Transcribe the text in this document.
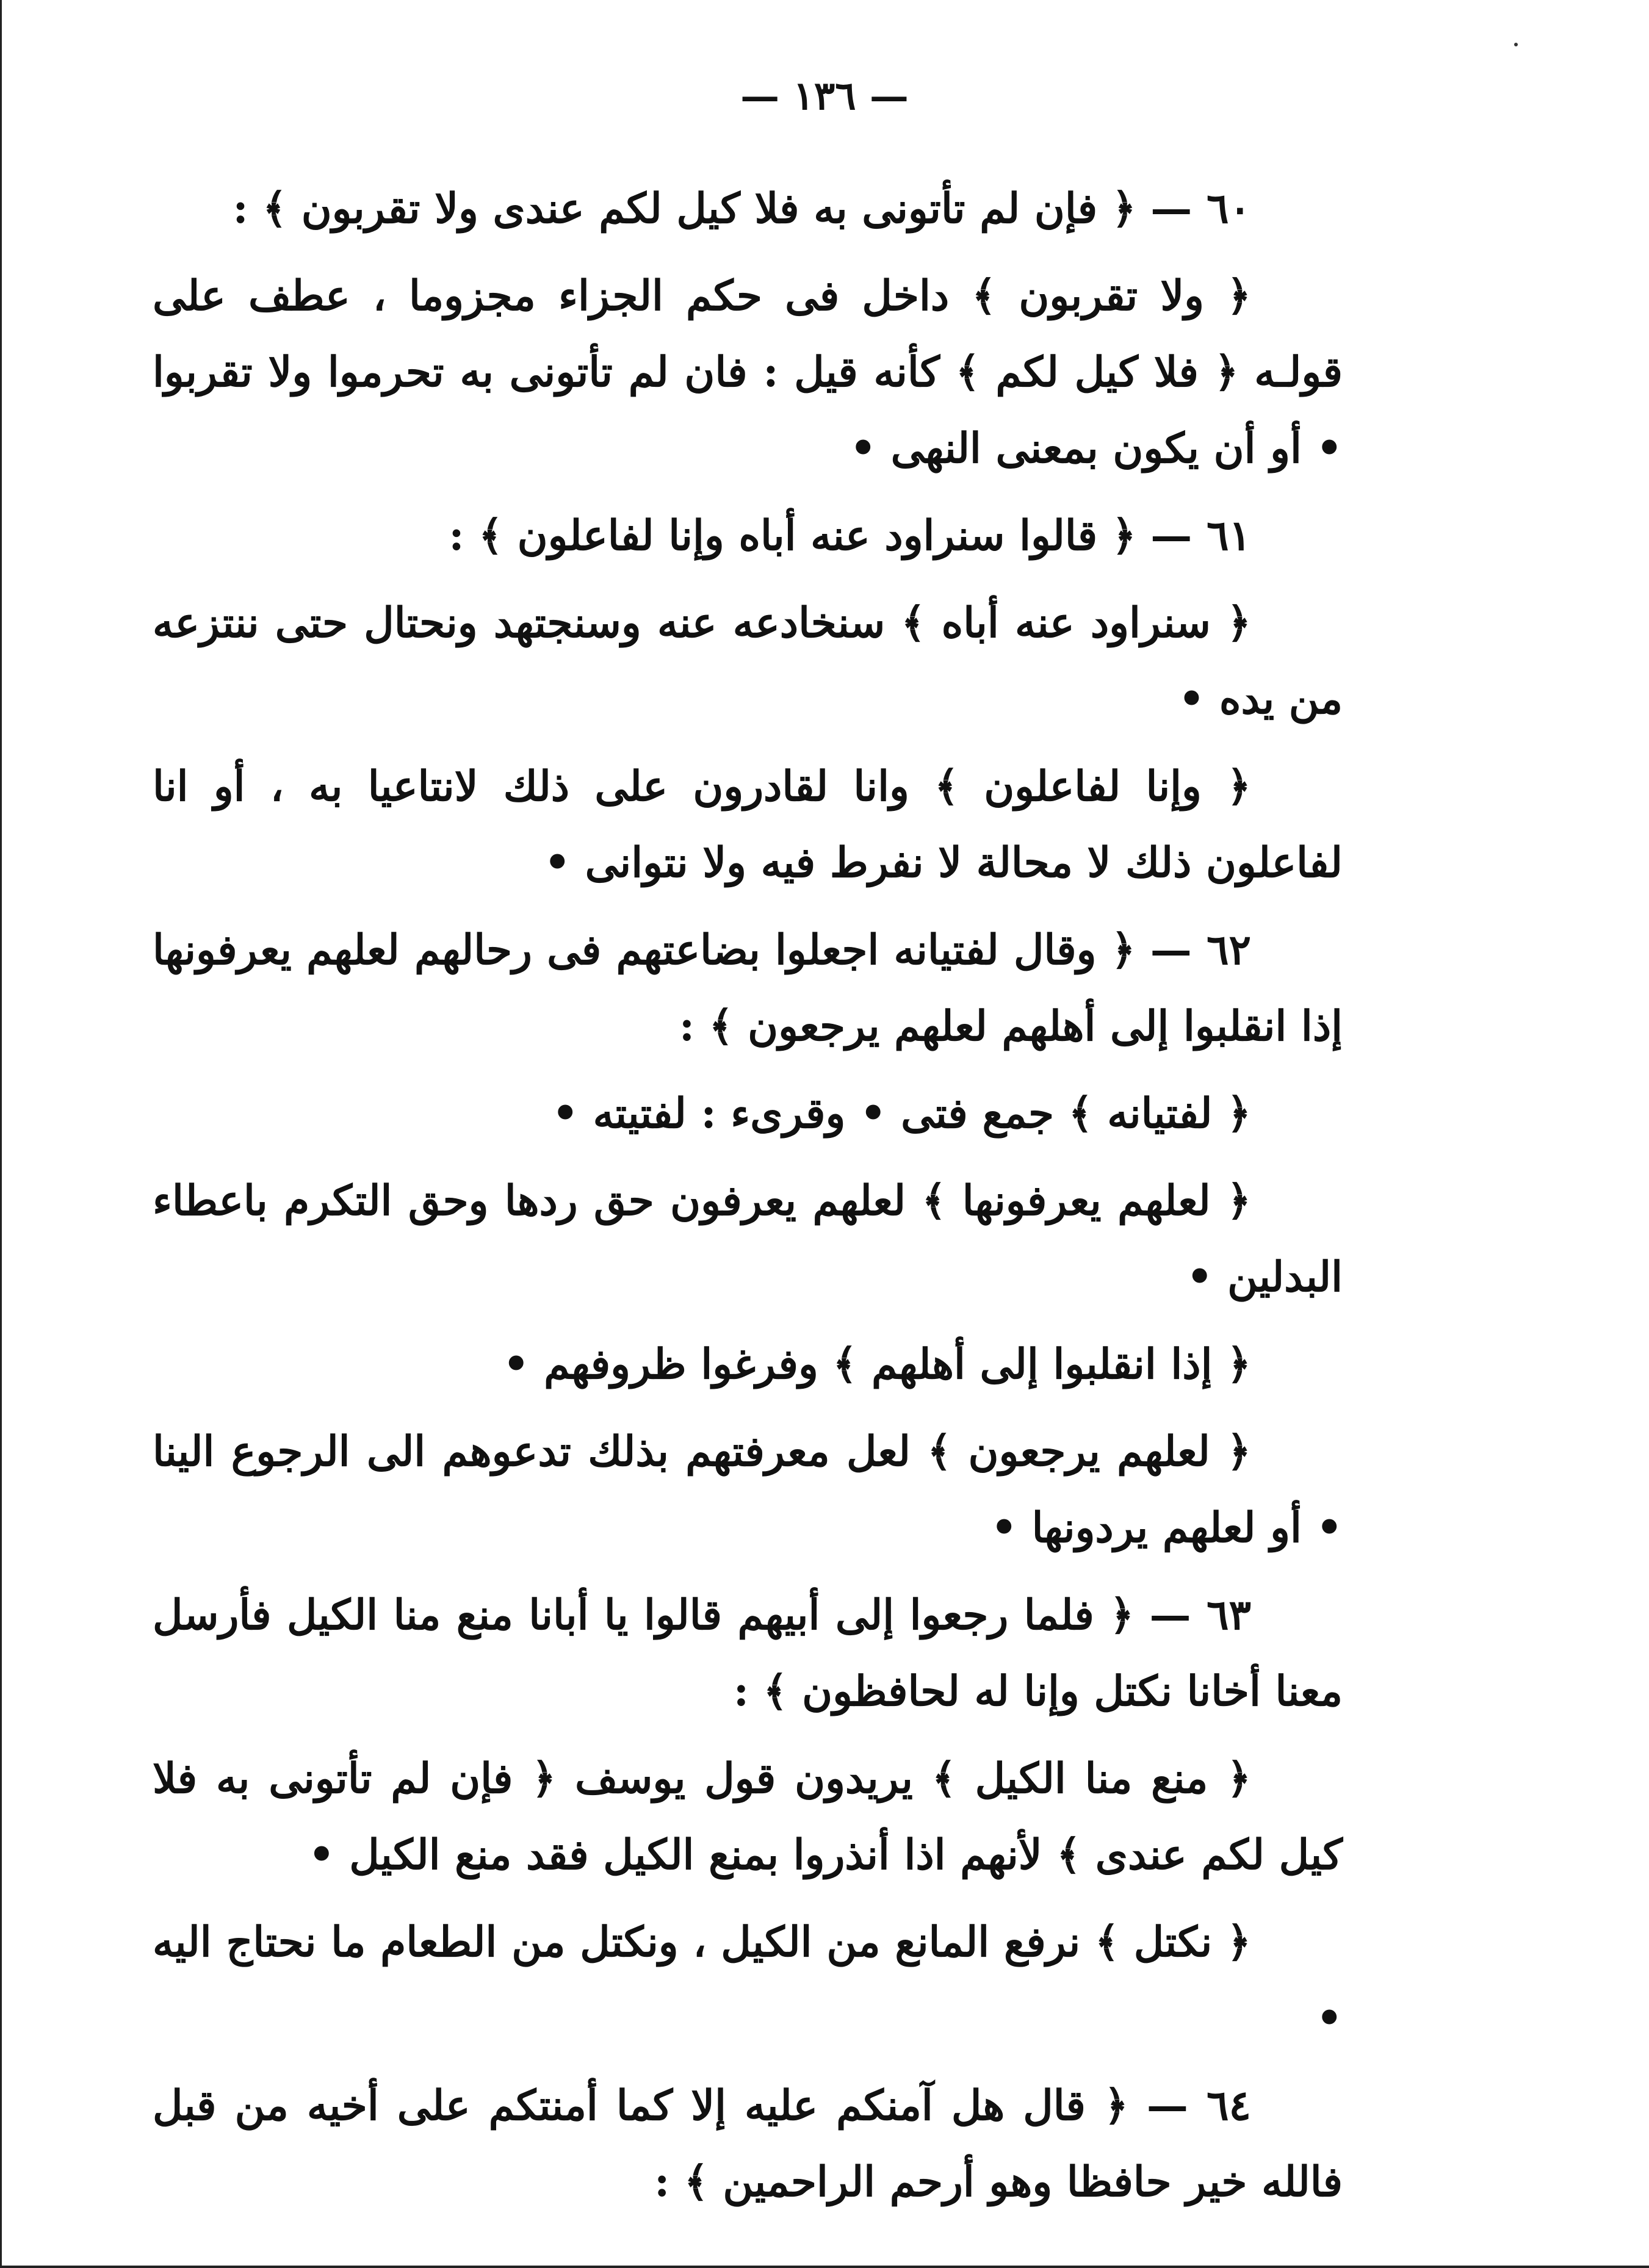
— ١٣٦ —

٦٠ — ﴿ فإن لم تأتونى به فلا كيل لكم عندى ولا تقربون ﴾ :

﴿ ولا تقربون ﴾ داخل فى حكم الجزاء مجزوما ، عطف على قولـه ﴿ فلا كيل لكم ﴾ كأنه قيل : فان لم تأتونى به تحرموا ولا تقربوا • أو أن يكون بمعنى النهى •

٦١ — ﴿ قالوا سنراود عنه أباه وإنا لفاعلون ﴾ :

﴿ سنراود عنه أباه ﴾ سنخادعه عنه وسنجتهد ونحتال حتى ننتزعه من يده •

﴿ وإنا لفاعلون ﴾ وانا لقادرون على ذلك لانتاعيا به ، أو انا لفاعلون ذلك لا محالة لا نفرط فيه ولا نتوانى •

٦٢ — ﴿ وقال لفتيانه اجعلوا بضاعتهم فى رحالهم لعلهم يعرفونها إذا انقلبوا إلى أهلهم لعلهم يرجعون ﴾ :

﴿ لفتيانه ﴾ جمع فتى • وقرىء : لفتيته •

﴿ لعلهم يعرفونها ﴾ لعلهم يعرفون حق ردها وحق التكرم باعطاء البدلين •

﴿ إذا انقلبوا إلى أهلهم ﴾ وفرغوا ظروفهم •

﴿ لعلهم يرجعون ﴾ لعل معرفتهم بذلك تدعوهم الى الرجوع الينا • أو لعلهم يردونها •

٦٣ — ﴿ فلما رجعوا إلى أبيهم قالوا يا أبانا منع منا الكيل فأرسل معنا أخانا نكتل وإنا له لحافظون ﴾ :

﴿ منع منا الكيل ﴾ يريدون قول يوسف ﴿ فإن لم تأتونى به فلا كيل لكم عندى ﴾ لأنهم اذا أنذروا بمنع الكيل فقد منع الكيل •

﴿ نكتل ﴾ نرفع المانع من الكيل ، ونكتل من الطعام ما نحتاج اليه •

٦٤ — ﴿ قال هل آمنكم عليه إلا كما أمنتكم على أخيه من قبل فالله خير حافظا وهو أرحم الراحمين ﴾ :
